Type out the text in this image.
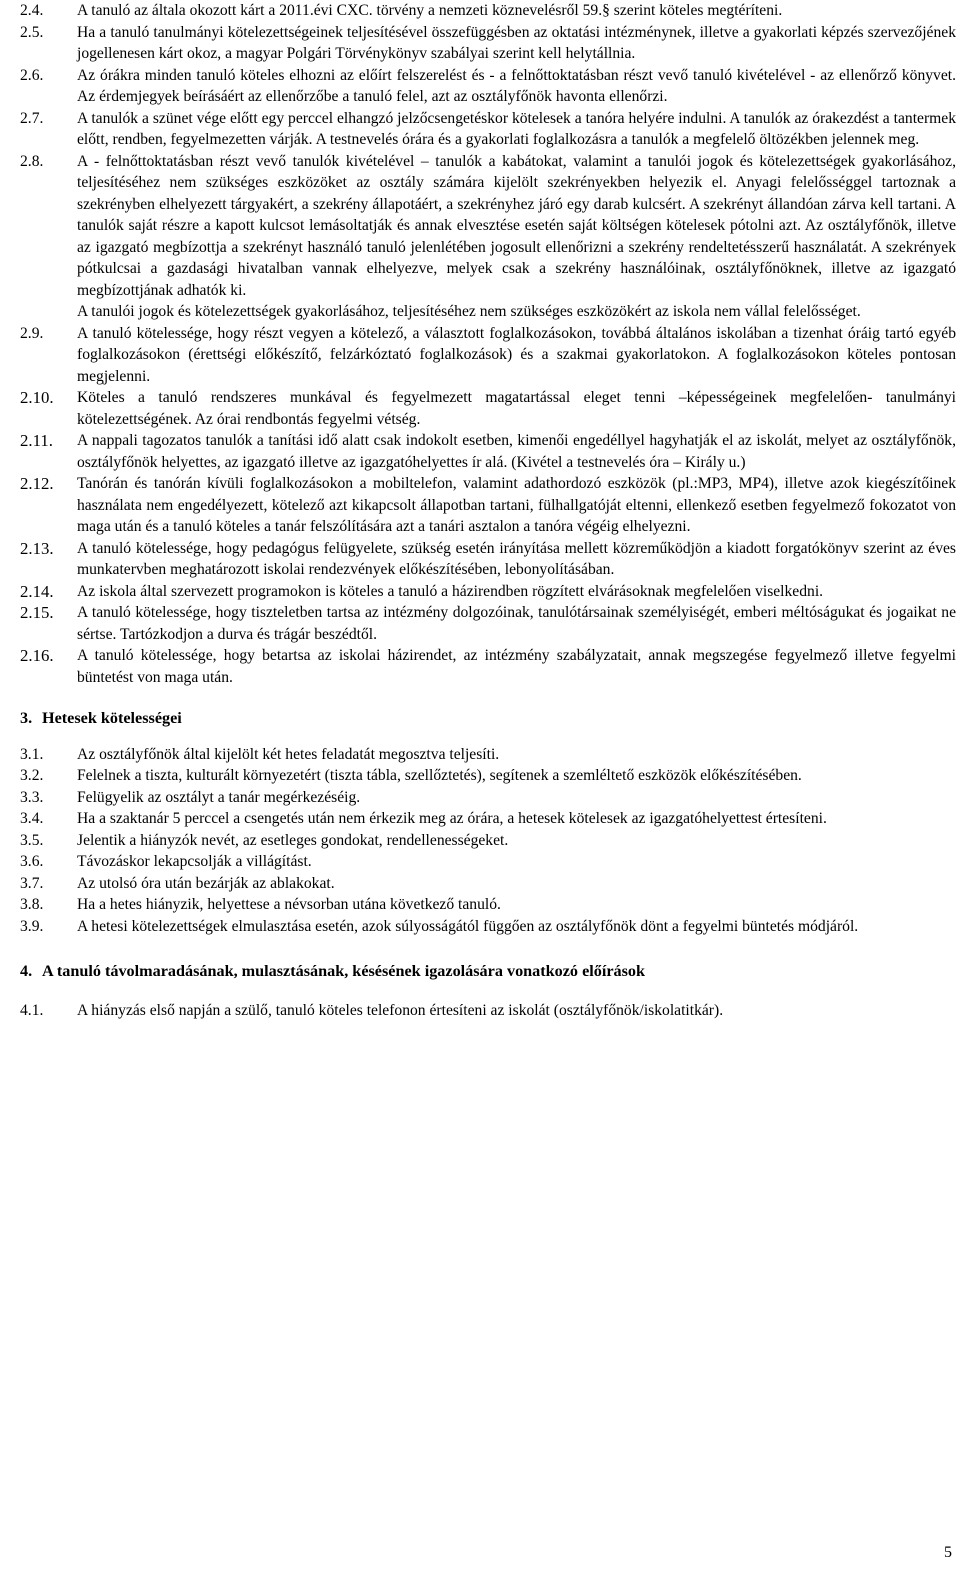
2.4.	A tanuló az általa okozott kárt a 2011.évi CXC. törvény a nemzeti köznevelésről 59.§ szerint köteles megtéríteni.

2.5.	Ha a tanuló tanulmányi kötelezettségeinek teljesítésével összefüggésben az oktatási intézménynek, illetve a gyakorlati képzés szervezőjének jogellenesen kárt okoz, a magyar Polgári Törvénykönyv szabályai szerint kell helytállnia.

2.6.	Az órákra minden tanuló köteles elhozni az előírt felszerelést és - a felnőttoktatásban részt vevő tanuló kivételével - az ellenőrző könyvet. Az érdemjegyek beírásáért az ellenőrzőbe a tanuló felel, azt az osztályfőnök havonta ellenőrzi.

2.7.	A tanulók a szünet vége előtt egy perccel elhangzó jelzőcsengetéskor kötelesek a tanóra helyére indulni. A tanulók az órakezdést a tantermek előtt, rendben, fegyelmezetten várják. A testnevelés órára és a gyakorlati foglalkozásra a tanulók a megfelelő öltözékben jelennek meg.

2.8.	A - felnőttoktatásban részt vevő tanulók kivételével – tanulók a kabátokat, valamint a tanulói jogok és kötelezettségek gyakorlásához, teljesítéséhez nem szükséges eszközöket az osztály számára kijelölt szekrényekben helyezik el. Anyagi felelősséggel tartoznak a szekrényben elhelyezett tárgyakért, a szekrény állapotáért, a szekrényhez járó egy darab kulcsért. A szekrényt állandóan zárva kell tartani. A tanulók saját részre a kapott kulcsot lemásoltatják és annak elvesztése esetén saját költségen kötelesek pótolni azt. Az osztályfőnök, illetve az igazgató megbízottja a szekrényt használó tanuló jelenlétében jogosult ellenőrizni a szekrény rendeltetésszerű használatát. A szekrények pótkulcsai a gazdasági hivatalban vannak elhelyezve, melyek csak a szekrény használóinak, osztályfőnöknek, illetve az igazgató megbízottjának adhatók ki.

A tanulói jogok és kötelezettségek gyakorlásához, teljesítéséhez nem szükséges eszközökért az iskola nem vállal felelősséget.

2.9.	A tanuló kötelessége, hogy részt vegyen a kötelező, a választott foglalkozásokon, továbbá általános iskolában a tizenhat óráig tartó egyéb foglalkozásokon (érettségi előkészítő, felzárkóztató foglalkozások) és a szakmai gyakorlatokon. A foglalkozásokon köteles pontosan megjelenni.

2.10.	Köteles a tanuló rendszeres munkával és fegyelmezett magatartással eleget tenni –képességeinek megfelelően- tanulmányi kötelezettségének. Az órai rendbontás fegyelmi vétség.

2.11.	A nappali tagozatos tanulók a tanítási idő alatt csak indokolt esetben, kimenői engedéllyel hagyhatják el az iskolát, melyet az osztályfőnök, osztályfőnök helyettes, az igazgató illetve az igazgatóhelyettes ír alá. (Kivétel a testnevelés óra – Király u.)

2.12.	Tanórán és tanórán kívüli foglalkozásokon a mobiltelefon, valamint adathordozó eszközök (pl.:MP3, MP4), illetve azok kiegészítőinek használata nem engedélyezett, kötelező azt kikapcsolt állapotban tartani, fülhallgatóját eltenni, ellenkező esetben fegyelmező fokozatot von maga után és a tanuló köteles a tanár felszólítására azt a tanári asztalon a tanóra végéig elhelyezni.

2.13.	A tanuló kötelessége, hogy pedagógus felügyelete, szükség esetén irányítása mellett közreműködjön a kiadott forgatókönyv szerint az éves munkatervben meghatározott iskolai rendezvények előkészítésében, lebonyolításában.

2.14.	Az iskola által szervezett programokon is köteles a tanuló a házirendben rögzített elvárásoknak megfelelően viselkedni.

2.15.	A tanuló kötelessége, hogy tiszteletben tartsa az intézmény dolgozóinak, tanulótársainak személyiségét, emberi méltóságukat és jogaikat ne sértse. Tartózkodjon a durva és trágár beszédtől.

2.16.	A tanuló kötelessége, hogy betartsa az iskolai házirendet, az intézmény szabályzatait, annak megszegése fegyelmező illetve fegyelmi büntetést von maga után.

3. Hetesek kötelességei
3.1.	Az osztályfőnök által kijelölt két hetes feladatát megosztva teljesíti.

3.2.	Felelnek a tiszta, kulturált környezetért (tiszta tábla, szellőztetés), segítenek a szemléltető eszközök előkészítésében.

3.3.	Felügyelik az osztályt a tanár megérkezéséig.

3.4.	Ha a szaktanár 5 perccel a csengetés után nem érkezik meg az órára, a hetesek kötelesek az igazgatóhelyettest értesíteni.

3.5.	Jelentik a hiányzók nevét, az esetleges gondokat, rendellenességeket.

3.6.	Távozáskor lekapcsolják a villágítást.

3.7.	Az utolsó óra után bezárják az ablakokat.

3.8.	Ha a hetes hiányzik, helyettese a névsorban utána következő tanuló.

3.9.	A hetesi kötelezettségek elmulasztása esetén, azok súlyosságától függően az osztályfőnök dönt a fegyelmi büntetés módjáról.

4. A tanuló távolmaradásának, mulasztásának, késésének igazolására vonatkozó előírások
4.1.	A hiányzás első napján a szülő, tanuló köteles telefonon értesíteni az iskolát (osztályfőnök/iskolatitkár).

5
